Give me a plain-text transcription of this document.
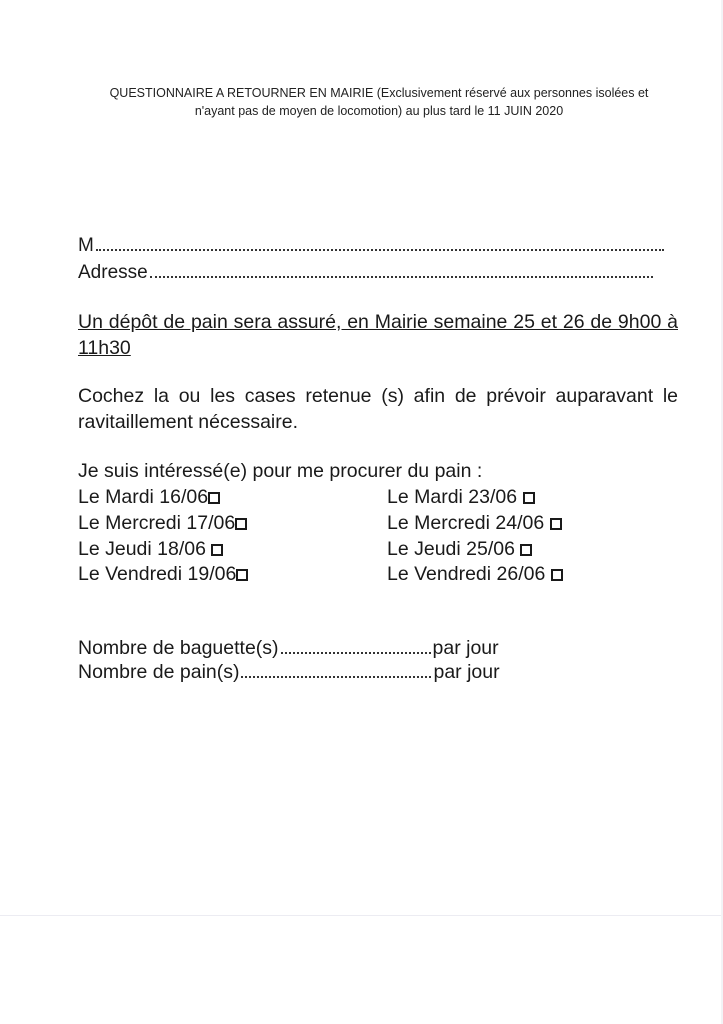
QUESTIONNAIRE A RETOURNER EN MAIRIE (Exclusivement réservé aux personnes isolées et
n'ayant pas de moyen de locomotion) au plus tard le 11 JUIN 2020
M
Adresse
Un dépôt de pain sera assuré, en Mairie semaine 25 et 26 de 9h00 à 11h30
Cochez la ou les cases retenue (s) afin de prévoir auparavant le ravitaillement nécessaire.
Je suis intéressé(e) pour me procurer du pain :
Le Mardi 16/06
Le Mercredi 17/06
Le Jeudi 18/06
Le Vendredi 19/06
Le Mardi 23/06
Le Mercredi 24/06
Le Jeudi 25/06
Le Vendredi 26/06
Nombre de baguette(s)	par jour
Nombre de pain(s)	par jour
